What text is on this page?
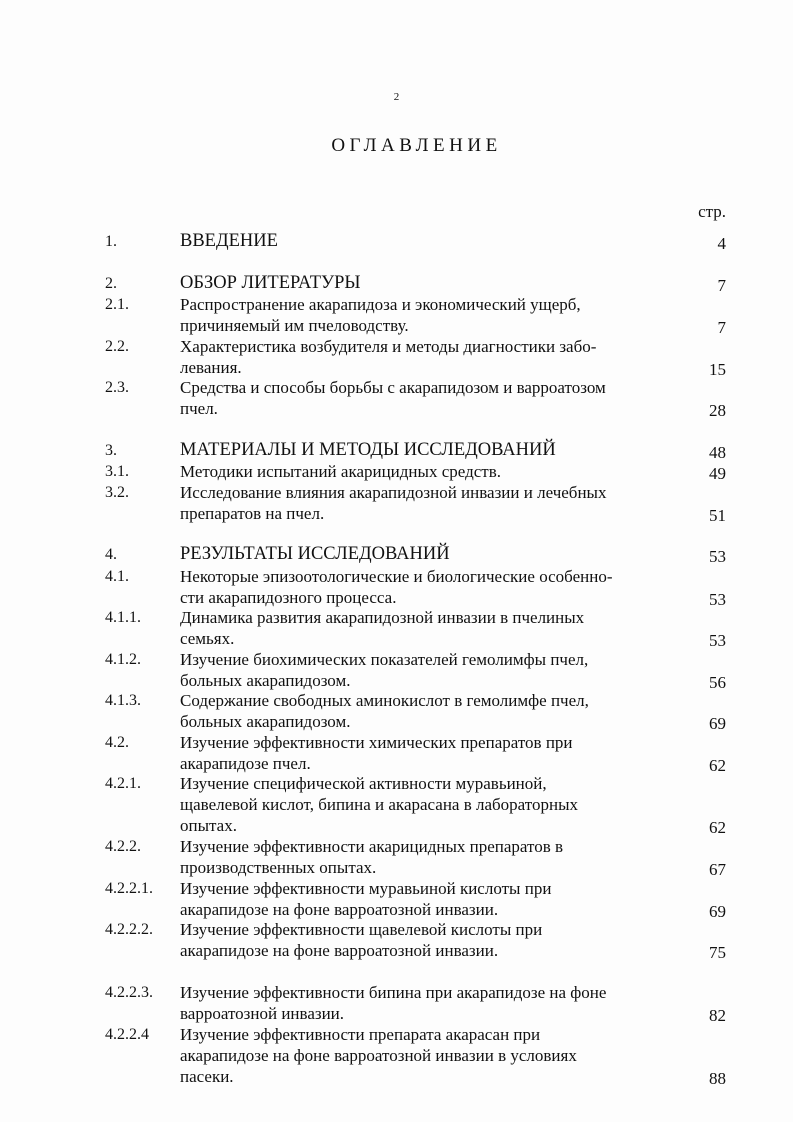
2
ОГЛАВЛЕНИЕ
стр.
1.	ВВЕДЕНИЕ	4
2.	ОБЗОР ЛИТЕРАТУРЫ	7
2.1.	Распространение акарапидоза и экономический ущерб,
причиняемый им пчеловодству.	7
2.2.	Характеристика возбудителя и методы диагностики забо-
левания.	15
2.3.	Средства и способы борьбы с акарапидозом и варроатозом
пчел.	28
3.	МАТЕРИАЛЫ И МЕТОДЫ ИССЛЕДОВАНИЙ	48
3.1.	Методики испытаний акарицидных средств.	49
3.2.	Исследование влияния акарапидозной инвазии и лечебных
препаратов на пчел.	51
4.	РЕЗУЛЬТАТЫ ИССЛЕДОВАНИЙ	53
4.1.	Некоторые эпизоотологические и биологические особенно-
сти акарапидозного процесса.	53
4.1.1. Динамика развития акарапидозной инвазии в пчелиных
семьях.	53
4.1.2. Изучение биохимических показателей гемолимфы пчел,
больных акарапидозом.	56
4.1.3. Содержание свободных аминокислот в гемолимфе пчел,
больных акарапидозом.	69
4.2.	Изучение эффективности химических препаратов при
акарапидозе пчел.	62
4.2.1. Изучение специфической активности муравьиной,
щавелевой кислот, бипина и акарасана в лабораторных
опытах.	62
4.2.2. Изучение эффективности акарицидных препаратов в
производственных опытах.	67
4.2.2.1. Изучение эффективности муравьиной кислоты при
акарапидозе на фоне варроатозной инвазии.	69
4.2.2.2. Изучение эффективности щавелевой кислоты при
акарапидозе на фоне варроатозной инвазии.	75
4.2.2.3. Изучение эффективности бипина при акарапидозе на фоне
варроатозной инвазии.	82
4.2.2.4 Изучение эффективности препарата акарасан при
акарапидозе на фоне варроатозной инвазии в условиях
пасеки.	88
